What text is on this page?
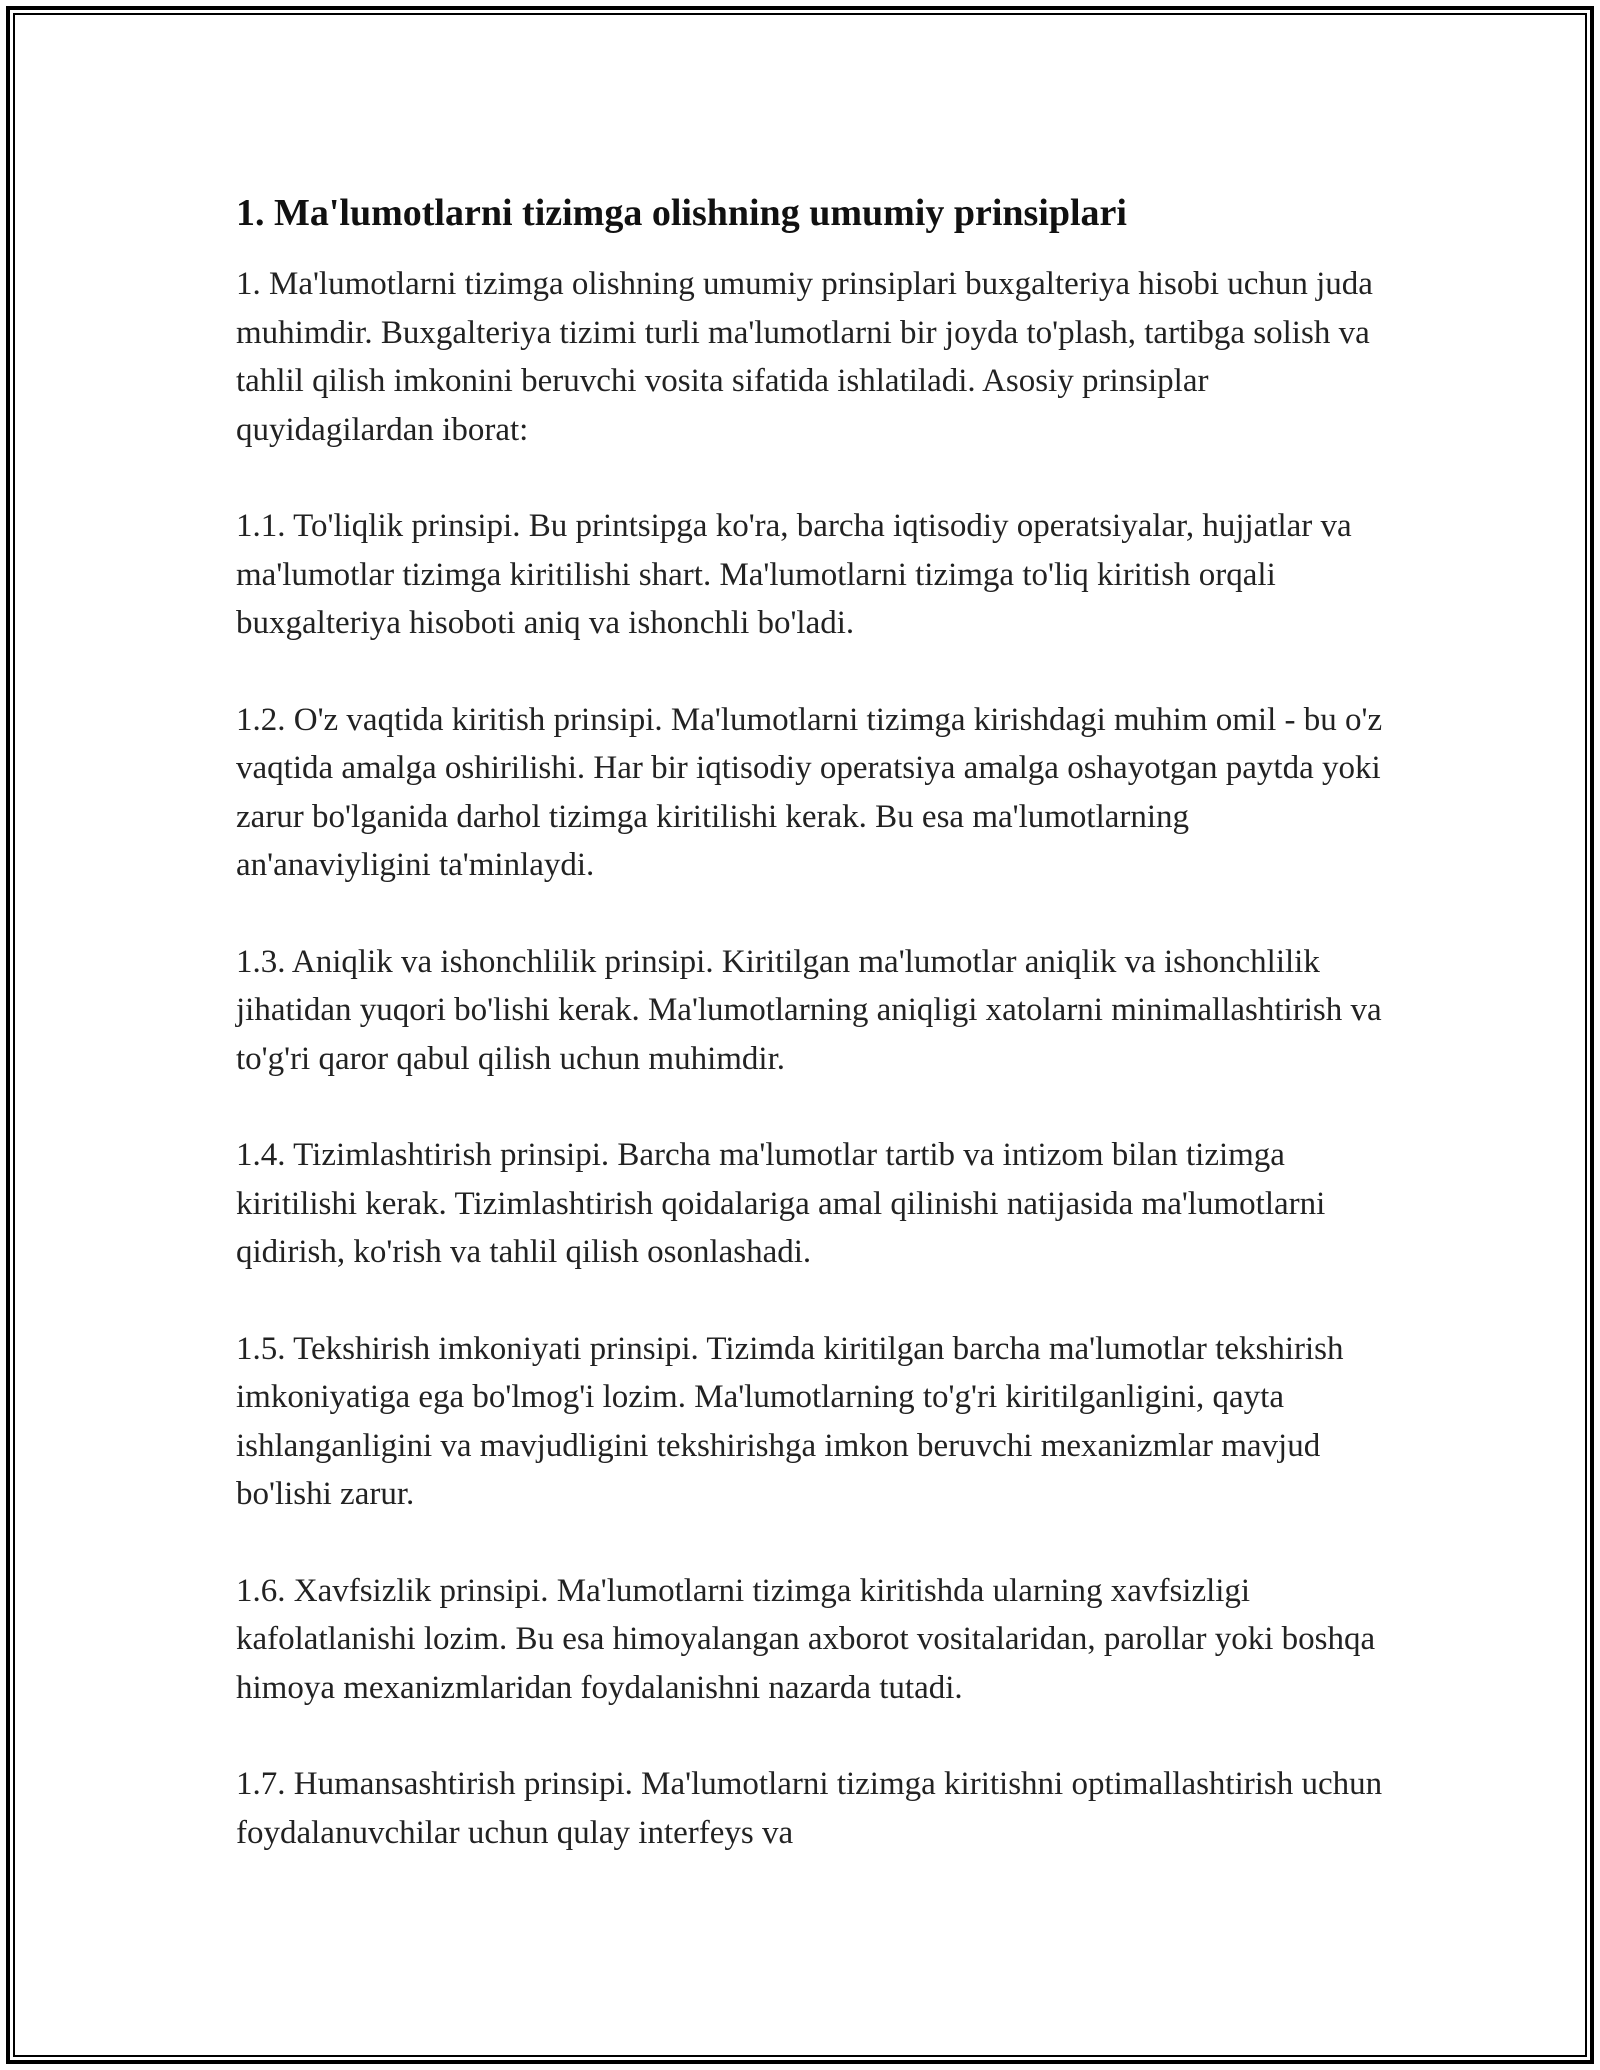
1. Ma'lumotlarni tizimga olishning umumiy prinsiplari

1. Ma'lumotlarni tizimga olishning umumiy prinsiplari buxgalteriya hisobi uchun juda muhimdir. Buxgalteriya tizimi turli ma'lumotlarni bir joyda to'plash, tartibga solish va tahlil qilish imkonini beruvchi vosita sifatida ishlatiladi. Asosiy prinsiplar quyidagilardan iborat:

1.1. To'liqlik prinsipi. Bu printsipga ko'ra, barcha iqtisodiy operatsiyalar, hujjatlar va ma'lumotlar tizimga kiritilishi shart. Ma'lumotlarni tizimga to'liq kiritish orqali buxgalteriya hisoboti aniq va ishonchli bo'ladi.

1.2. O'z vaqtida kiritish prinsipi. Ma'lumotlarni tizimga kirishdagi muhim omil - bu o'z vaqtida amalga oshirilishi. Har bir iqtisodiy operatsiya amalga oshayotgan paytda yoki zarur bo'lganida darhol tizimga kiritilishi kerak. Bu esa ma'lumotlarning an'anaviyligini ta'minlaydi.

1.3. Aniqlik va ishonchlilik prinsipi. Kiritilgan ma'lumotlar aniqlik va ishonchlilik jihatidan yuqori bo'lishi kerak. Ma'lumotlarning aniqligi xatolarni minimallashtirish va to'g'ri qaror qabul qilish uchun muhimdir.

1.4. Tizimlashtirish prinsipi. Barcha ma'lumotlar tartib va intizom bilan tizimga kiritilishi kerak. Tizimlashtirish qoidalariga amal qilinishi natijasida ma'lumotlarni qidirish, ko'rish va tahlil qilish osonlashadi.

1.5. Tekshirish imkoniyati prinsipi. Tizimda kiritilgan barcha ma'lumotlar tekshirish imkoniyatiga ega bo'lmog'i lozim. Ma'lumotlarning to'g'ri kiritilganligini, qayta ishlanganligini va mavjudligini tekshirishga imkon beruvchi mexanizmlar mavjud bo'lishi zarur.

1.6. Xavfsizlik prinsipi. Ma'lumotlarni tizimga kiritishda ularning xavfsizligi kafolatlanishi lozim. Bu esa himoyalangan axborot vositalaridan, parollar yoki boshqa himoya mexanizmlaridan foydalanishni nazarda tutadi.

1.7. Humansashtirish prinsipi. Ma'lumotlarni tizimga kiritishni optimallashtirish uchun foydalanuvchilar uchun qulay interfeys va
